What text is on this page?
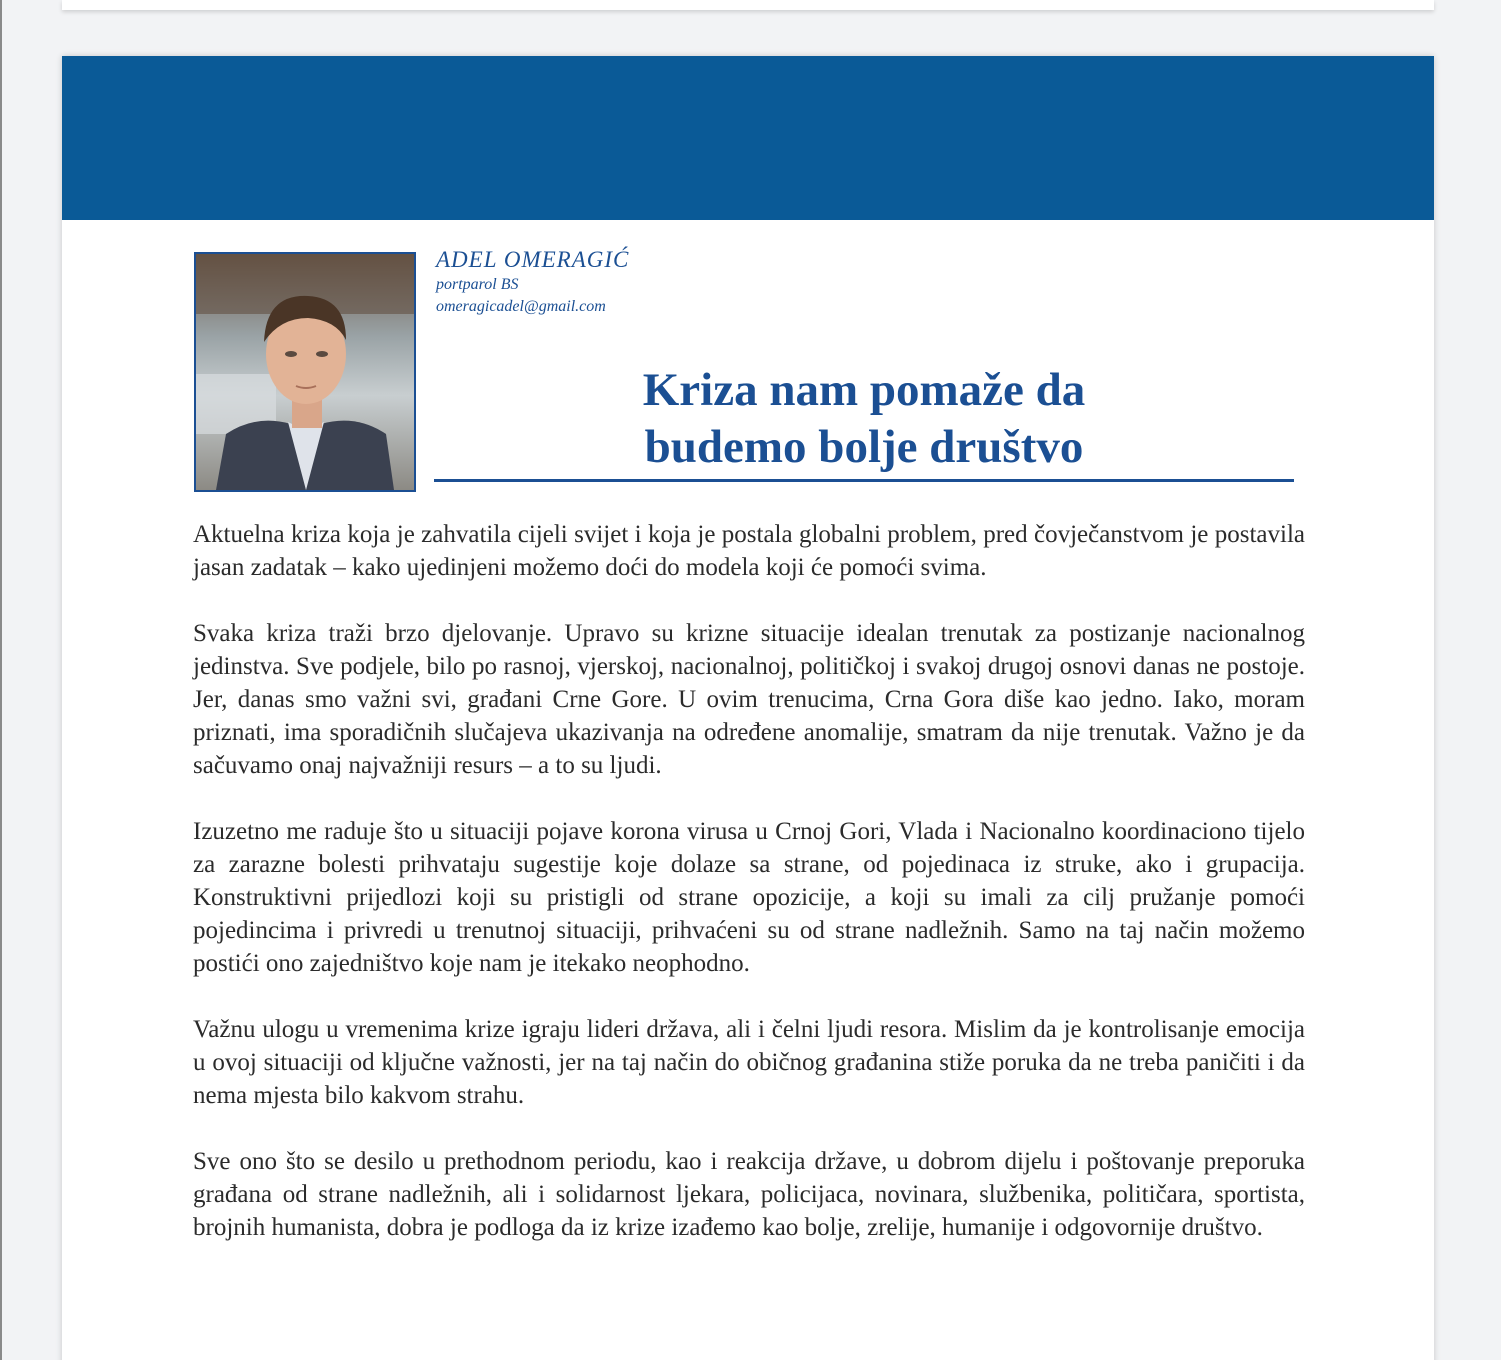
ADEL OMERAGIĆ
portparol BS
omeragicadel@gmail.com
Kriza nam pomaže da
budemo bolje društvo

Aktuelna kriza koja je zahvatila cijeli svijet i koja je postala globalni problem, pred čovječanstvom je postavila jasan zadatak – kako ujedinjeni možemo doći do modela koji će pomoći svima.

Svaka kriza traži brzo djelovanje. Upravo su krizne situacije idealan trenutak za postizanje nacionalnog jedinstva. Sve podjele, bilo po rasnoj, vjerskoj, nacionalnoj, političkoj i svakoj drugoj osnovi danas ne postoje. Jer, danas smo važni svi, građani Crne Gore. U ovim trenucima, Crna Gora diše kao jedno. Iako, moram priznati, ima sporadičnih slučajeva ukazivanja na određene anomalije, smatram da nije trenutak. Važno je da sačuvamo onaj najvažniji resurs – a to su ljudi.

Izuzetno me raduje što u situaciji pojave korona virusa u Crnoj Gori, Vlada i Nacionalno koordinaciono tijelo za zarazne bolesti prihvataju sugestije koje dolaze sa strane, od pojedinaca iz struke, ako i grupacija. Konstruktivni prijedlozi koji su pristigli od strane opozicije, a koji su imali za cilj pružanje pomoći pojedincima i privredi u trenutnoj situaciji, prihvaćeni su od strane nadležnih. Samo na taj način možemo postići ono zajedništvo koje nam je itekako neophodno.

Važnu ulogu u vremenima krize igraju lideri država, ali i čelni ljudi resora. Mislim da je kontrolisanje emocija u ovoj situaciji od ključne važnosti, jer na taj način do običnog građanina stiže poruka da ne treba paničiti i da nema mjesta bilo kakvom strahu.

Sve ono što se desilo u prethodnom periodu, kao i reakcija države, u dobrom dijelu i poštovanje preporuka građana od strane nadležnih, ali i solidarnost ljekara, policijaca, novinara, službenika, političara, sportista, brojnih humanista, dobra je podloga da iz krize izađemo kao bolje, zrelije, humanije i odgovornije društvo.
